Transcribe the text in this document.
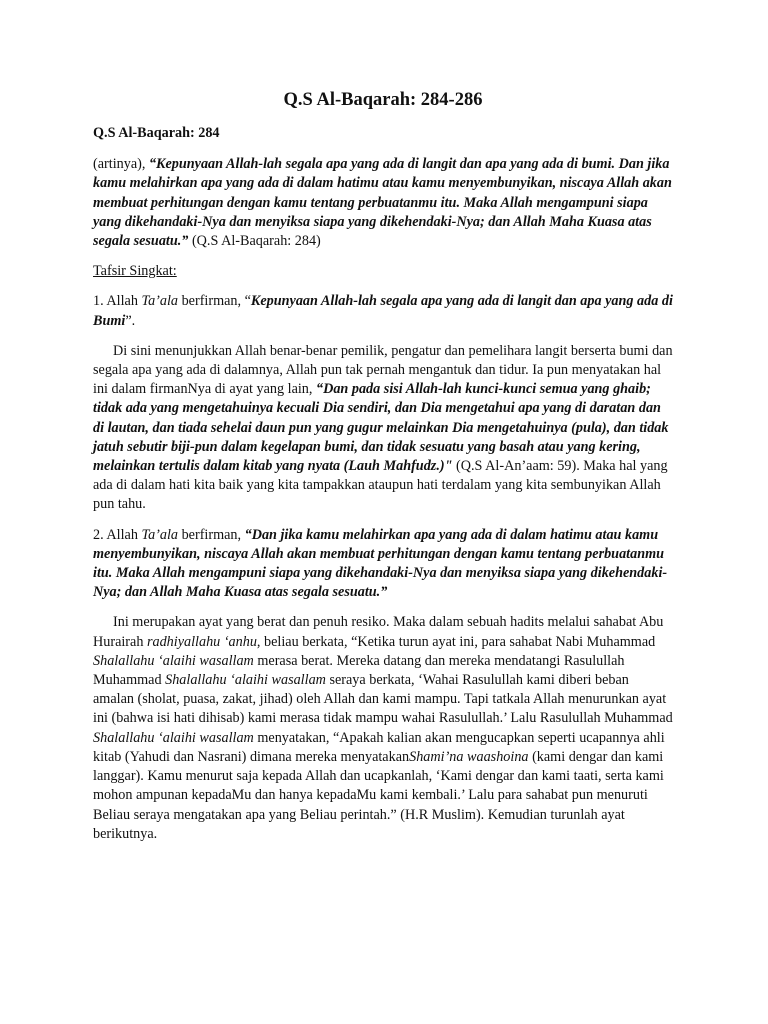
Q.S Al-Baqarah: 284-286
Q.S Al-Baqarah: 284

(artinya), “Kepunyaan Allah-lah segala apa yang ada di langit dan apa yang ada di bumi. Dan jika kamu melahirkan apa yang ada di dalam hatimu atau kamu menyembunyikan, niscaya Allah akan membuat perhitungan dengan kamu tentang perbuatanmu itu. Maka Allah mengampuni siapa yang dikehandaki-Nya dan menyiksa siapa yang dikehendaki-Nya; dan Allah Maha Kuasa atas segala sesuatu.” (Q.S Al-Baqarah: 284)

Tafsir Singkat:

1. Allah Ta’ala berfirman, “Kepunyaan Allah-lah segala apa yang ada di langit dan apa yang ada di Bumi”.

Di sini menunjukkan Allah benar-benar pemilik, pengatur dan pemelihara langit berserta bumi dan segala apa yang ada di dalamnya, Allah pun tak pernah mengantuk dan tidur. Ia pun menyatakan hal ini dalam firmanNya di ayat yang lain, “Dan pada sisi Allah-lah kunci-kunci semua yang ghaib; tidak ada yang mengetahuinya kecuali Dia sendiri, dan Dia mengetahui apa yang di daratan dan di lautan, dan tiada sehelai daun pun yang gugur melainkan Dia mengetahuinya (pula), dan tidak jatuh sebutir biji-pun dalam kegelapan bumi, dan tidak sesuatu yang basah atau yang kering, melainkan tertulis dalam kitab yang nyata (Lauh Mahfudz.)" (Q.S Al-An’aam: 59). Maka hal yang ada di dalam hati kita baik yang kita tampakkan ataupun hati terdalam yang kita sembunyikan Allah pun tahu.

2. Allah Ta’ala berfirman, “Dan jika kamu melahirkan apa yang ada di dalam hatimu atau kamu menyembunyikan, niscaya Allah akan membuat perhitungan dengan kamu tentang perbuatanmu itu. Maka Allah mengampuni siapa yang dikehandaki-Nya dan menyiksa siapa yang dikehendaki-Nya; dan Allah Maha Kuasa atas segala sesuatu.”

Ini merupakan ayat yang berat dan penuh resiko. Maka dalam sebuah hadits melalui sahabat Abu Hurairah radhiyallahu ‘anhu, beliau berkata, “Ketika turun ayat ini, para sahabat Nabi Muhammad Shalallahu ‘alaihi wasallam merasa berat. Mereka datang dan mereka mendatangi Rasulullah Muhammad Shalallahu ‘alaihi wasallam seraya berkata, ‘Wahai Rasulullah kami diberi beban amalan (sholat, puasa, zakat, jihad) oleh Allah dan kami mampu. Tapi tatkala Allah menurunkan ayat ini (bahwa isi hati dihisab) kami merasa tidak mampu wahai Rasulullah.’ Lalu Rasulullah Muhammad Shalallahu ‘alaihi wasallam menyatakan, “Apakah kalian akan mengucapkan seperti ucapannya ahli kitab (Yahudi dan Nasrani) dimana mereka menyatakanShami’na waashoina (kami dengar dan kami langgar). Kamu menurut saja kepada Allah dan ucapkanlah, ‘Kami dengar dan kami taati, serta kami mohon ampunan kepadaMu dan hanya kepadaMu kami kembali.’ Lalu para sahabat pun menuruti Beliau seraya mengatakan apa yang Beliau perintah.” (H.R Muslim). Kemudian turunlah ayat berikutnya.
